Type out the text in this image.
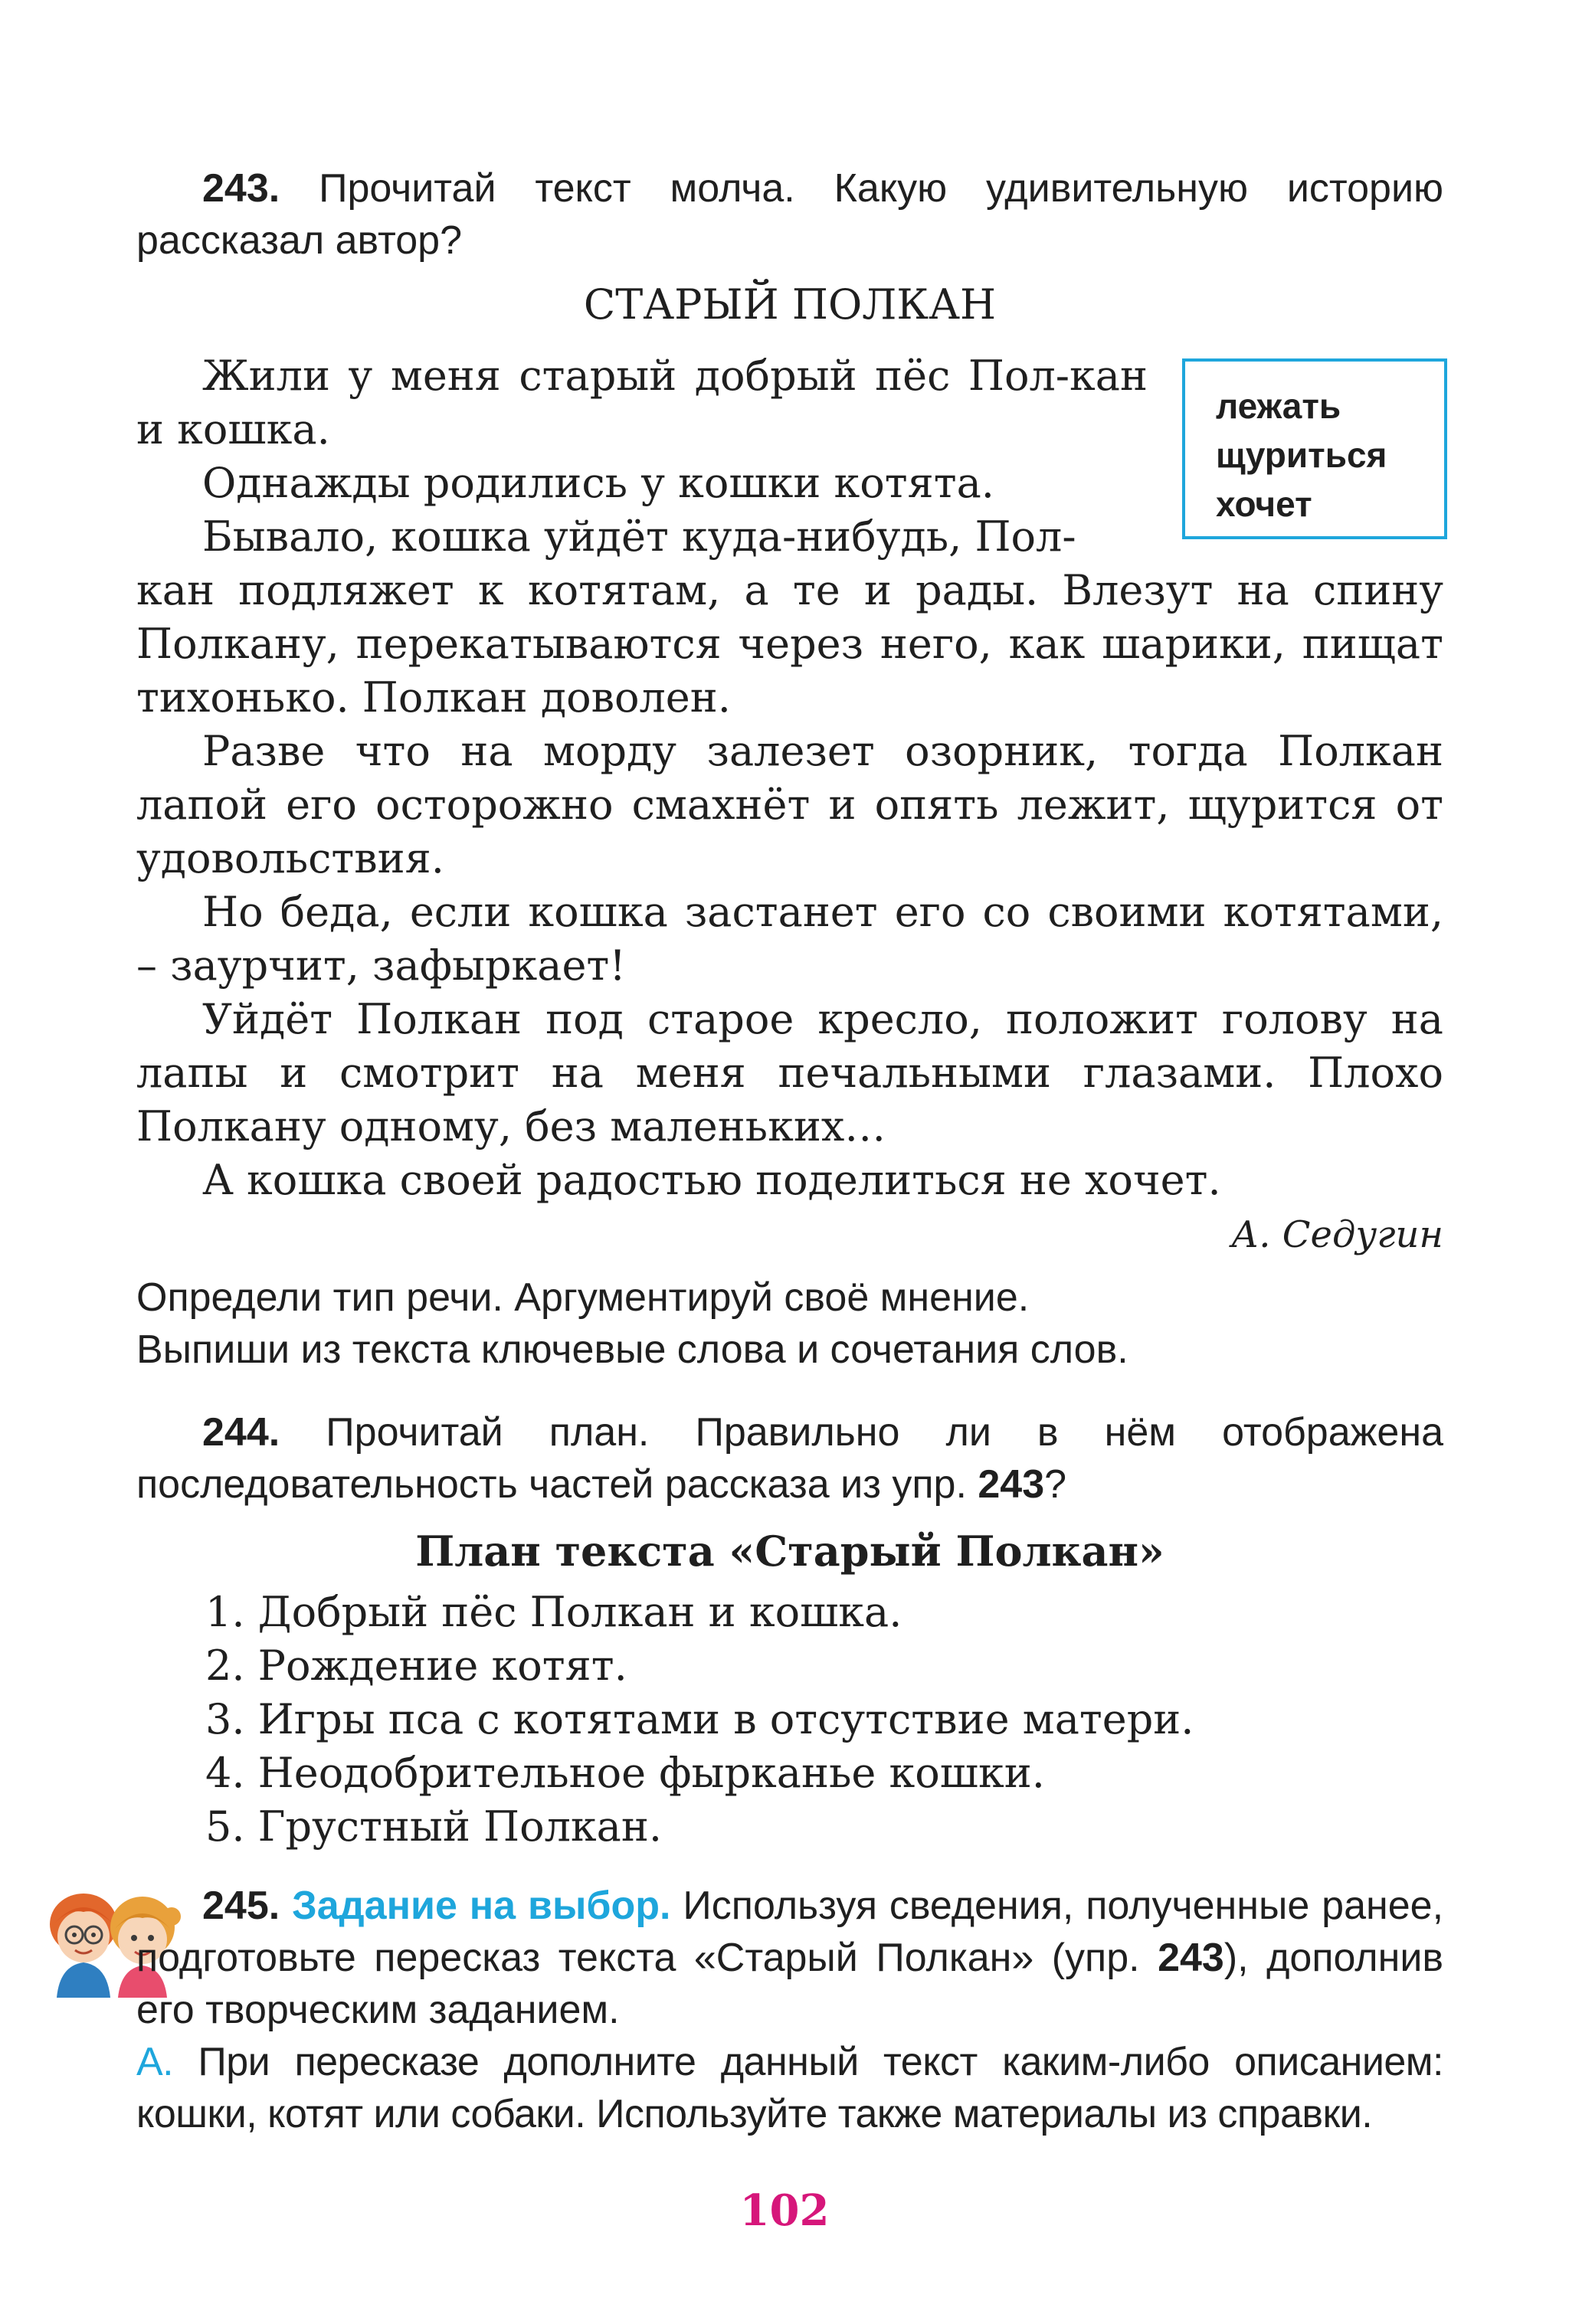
243. Прочитай текст молча. Какую удивительную историю рассказал автор?
СТАРЫЙ ПОЛКАН

Жили у меня старый добрый пёс Пол-кан и кошка.

Однажды родились у кошки котята.

Бывало, кошка уйдёт куда-нибудь, Пол-

лежать
щуриться
хочет

кан подляжет к котятам, а те и рады. Влезут на спину Полкану, перекатываются через него, как шарики, пищат тихонько. Полкан доволен.

Разве что на морду залезет озорник, тогда Полкан лапой его осторожно смахнёт и опять лежит, щурится от удовольствия.

Но беда, если кошка застанет его со своими котятами, – заурчит, зафыркает!

Уйдёт Полкан под старое кресло, положит голову на лапы и смотрит на меня печальными глазами. Плохо Полкану одному, без маленьких…

А кошка своей радостью поделиться не хочет.

А. Седугин
Определи тип речи. Аргументируй своё мнение.
Выпиши из текста ключевые слова и сочетания слов.
244. Прочитай план. Правильно ли в нём отображена последовательность частей рассказа из упр. 243?
План текста «Старый Полкан»
1. Добрый пёс Полкан и кошка.
2. Рождение котят.
3. Игры пса с котятами в отсутствие матери.
4. Неодобрительное фырканье кошки.
5. Грустный Полкан.
245. Задание на выбор. Используя сведения, полученные ранее, подготовьте пересказ текста «Старый Полкан» (упр. 243), дополнив его творческим заданием.
А. При пересказе дополните данный текст каким-либо описанием: кошки, котят или собаки. Используйте также материалы из справки.
102
